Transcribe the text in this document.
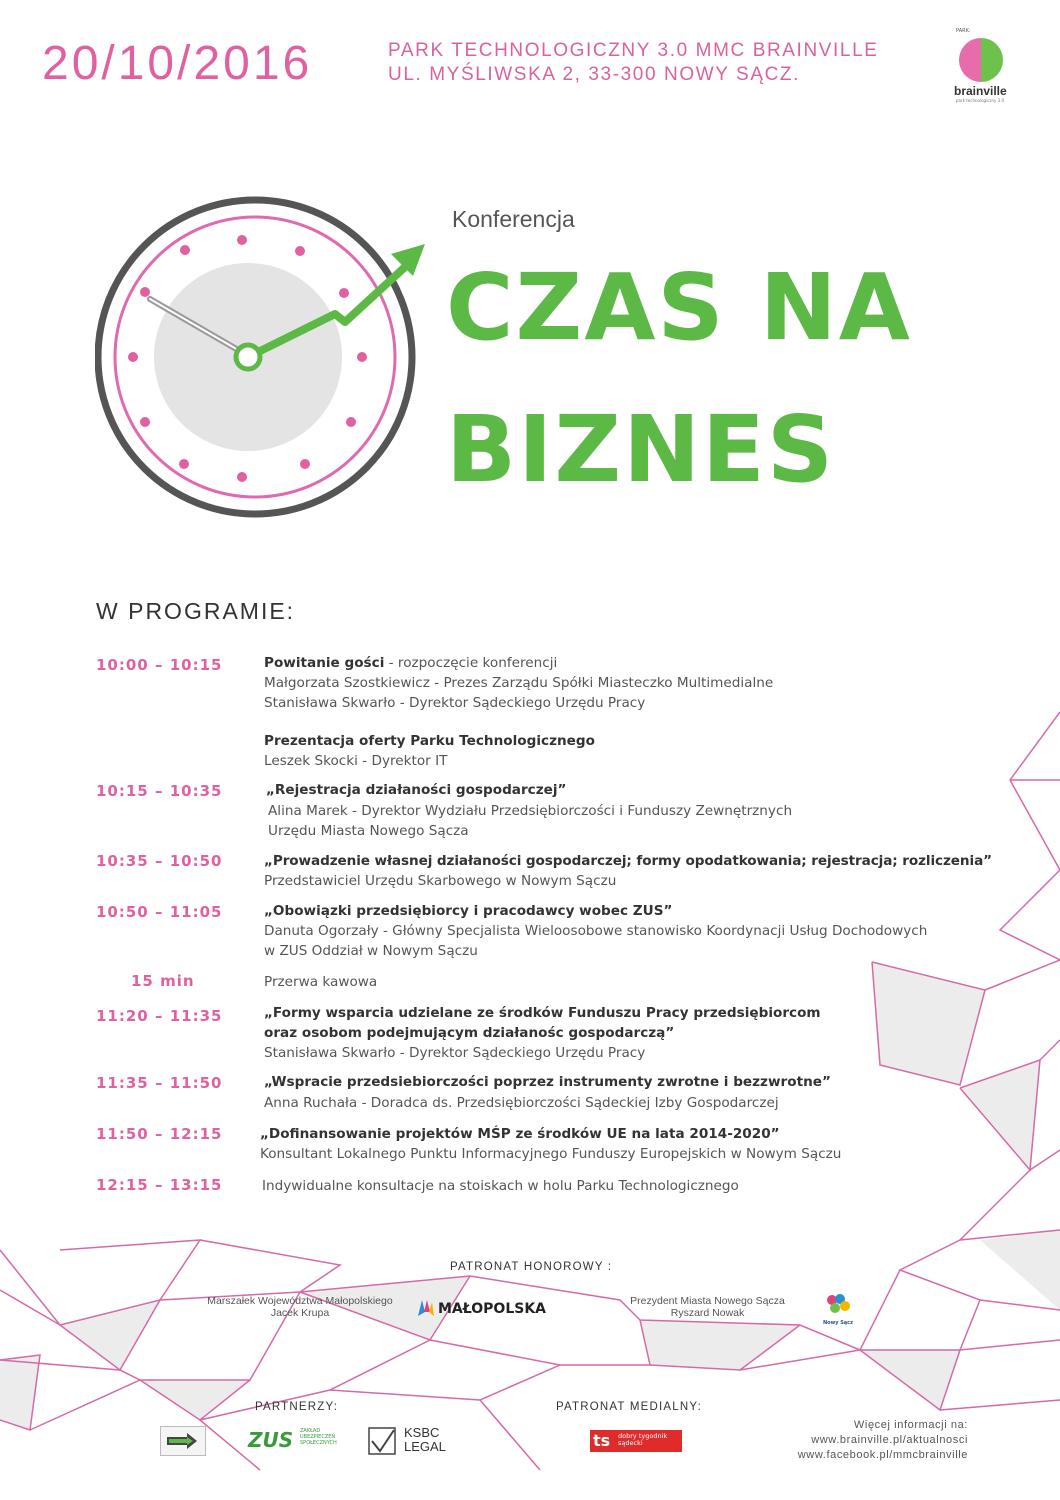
20/10/2016	PARK TECHNOLOGICZNY 3.0 MMC BRAINVILLE
UL. MYŚLIWSKA 2, 33-300 NOWY SĄCZ.
PARK:
brainville
park technologiczny 3.0
Konferencja
CZAS NA
BIZNES
W PROGRAMIE:
10:00 – 10:15	Powitanie gości - rozpoczęcie konferencji
Małgorzata Szostkiewicz - Prezes Zarządu Spółki Miasteczko Multimedialne
Stanisława Skwarło - Dyrektor Sądeckiego Urzędu Pracy
Prezentacja oferty Parku Technologicznego
Leszek Skocki - Dyrektor IT
10:15 – 10:35	„Rejestracja działaności gospodarczej”
Alina Marek - Dyrektor Wydziału Przedsiębiorczości i Funduszy Zewnętrznych
Urzędu Miasta Nowego Sącza
10:35 – 10:50	„Prowadzenie własnej działaności gospodarczej; formy opodatkowania; rejestracja; rozliczenia”
Przedstawiciel Urzędu Skarbowego w Nowym Sączu
10:50 – 11:05	„Obowiązki przedsiębiorcy i pracodawcy wobec ZUS”
Danuta Ogorzały - Główny Specjalista Wieloosobowe stanowisko Koordynacji Usług Dochodowych
w ZUS Oddział w Nowym Sączu
15 min	Przerwa kawowa
11:20 – 11:35	„Formy wsparcia udzielane ze środków Funduszu Pracy przedsiębiorcom
oraz osobom podejmującym działanośc gospodarczą”
Stanisława Skwarło - Dyrektor Sądeckiego Urzędu Pracy
11:35 – 11:50	„Wspracie przedsiebiorczości poprzez instrumenty zwrotne i bezzwrotne”
Anna Ruchała - Doradca ds. Przedsiębiorczości Sądeckiej Izby Gospodarczej
11:50 – 12:15	„Dofinansowanie projektów MŚP ze środków UE na lata 2014-2020”
Konsultant Lokalnego Punktu Informacyjnego Funduszy Europejskich w Nowym Sączu
12:15 – 13:15	Indywidualne konsultacje na stoiskach w holu Parku Technologicznego
PATRONAT HONOROWY :
Marszałek Województwa Małopolskiego
Jacek Krupa	MAŁOPOLSKA	Prezydent Miasta Nowego Sącza
Ryszard Nowak
Nowy Sącz
PARTNERZY:
ZUS ZAKŁAD UBEZPIECZEŃ SPOŁECZNYCH
KSBC
LEGAL
PATRONAT MEDIALNY:
ts dobry tygodnik sądecki
Więcej informacji na:
www.brainville.pl/aktualnosci
www.facebook.pl/mmcbrainville
